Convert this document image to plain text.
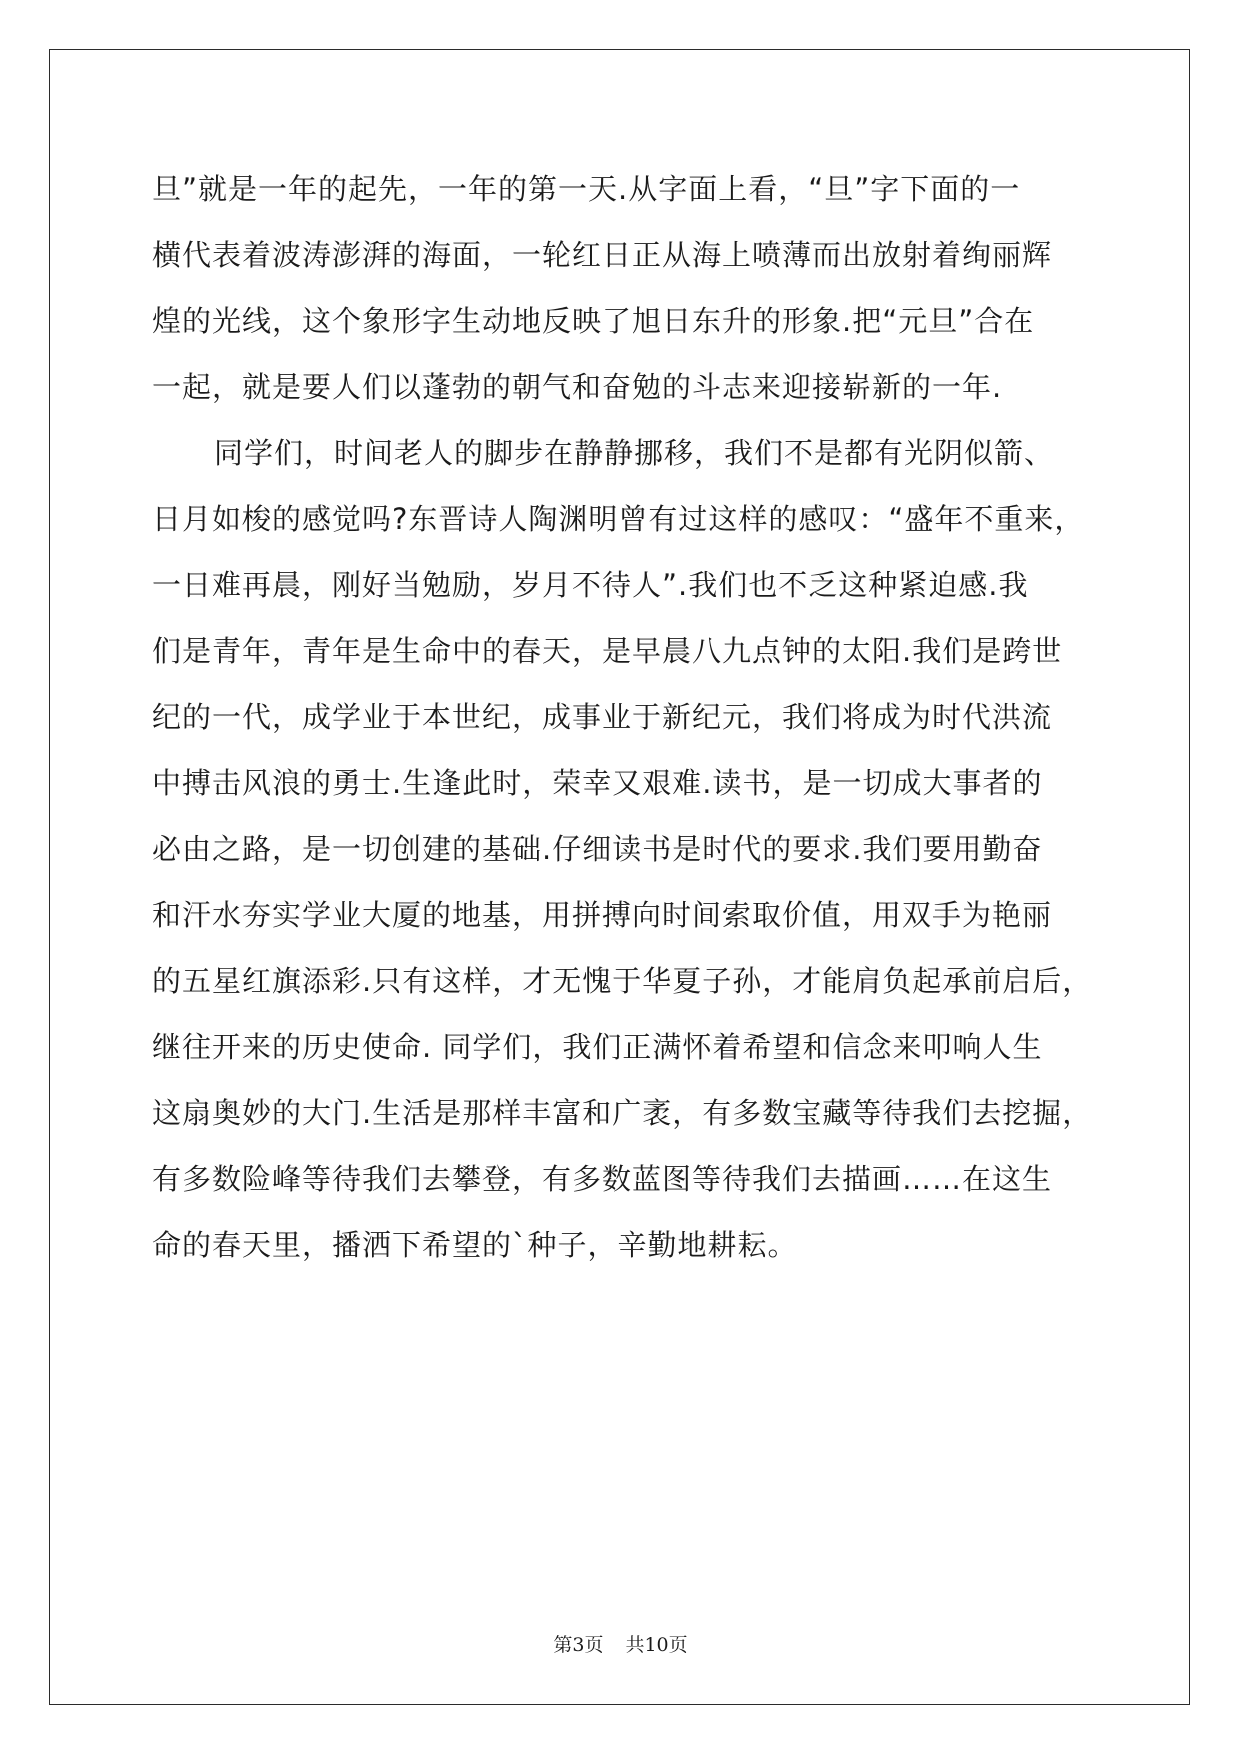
旦”就是一年的起先，一年的第一天.从字面上看，“旦”字下面的一
横代表着波涛澎湃的海面，一轮红日正从海上喷薄而出放射着绚丽辉
煌的光线，这个象形字生动地反映了旭日东升的形象.把“元旦”合在
一起，就是要人们以蓬勃的朝气和奋勉的斗志来迎接崭新的一年.
同学们，时间老人的脚步在静静挪移，我们不是都有光阴似箭、
日月如梭的感觉吗?东晋诗人陶渊明曾有过这样的感叹：“盛年不重来，
一日难再晨，刚好当勉励，岁月不待人”.我们也不乏这种紧迫感.我
们是青年，青年是生命中的春天，是早晨八九点钟的太阳.我们是跨世
纪的一代，成学业于本世纪，成事业于新纪元，我们将成为时代洪流
中搏击风浪的勇士.生逢此时，荣幸又艰难.读书，是一切成大事者的
必由之路，是一切创建的基础.仔细读书是时代的要求.我们要用勤奋
和汗水夯实学业大厦的地基，用拼搏向时间索取价值，用双手为艳丽
的五星红旗添彩.只有这样，才无愧于华夏子孙，才能肩负起承前启后，
继往开来的历史使命. 同学们，我们正满怀着希望和信念来叩响人生
这扇奥妙的大门.生活是那样丰富和广袤，有多数宝藏等待我们去挖掘，
有多数险峰等待我们去攀登，有多数蓝图等待我们去描画……在这生
命的春天里，播洒下希望的`种子，辛勤地耕耘。
第3页 共10页
